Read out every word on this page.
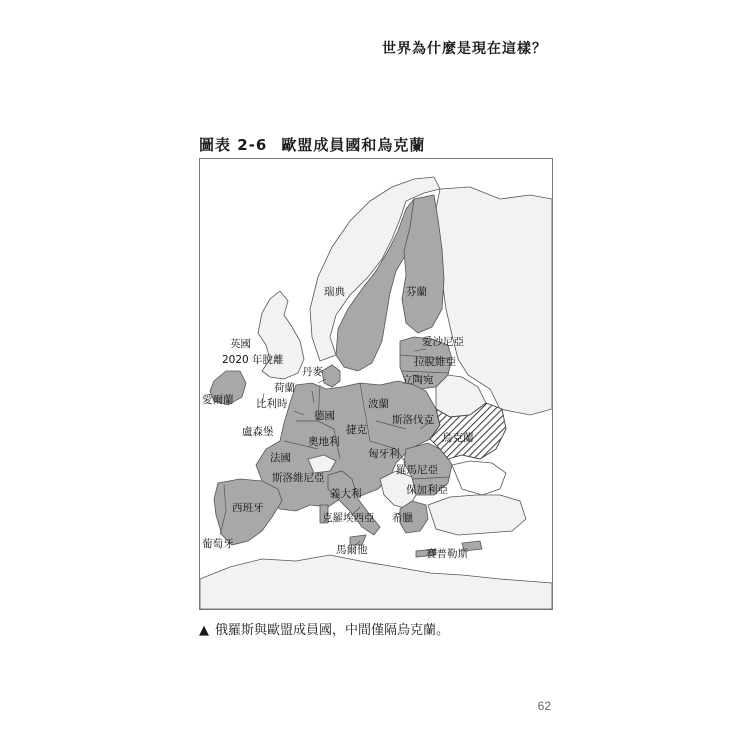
世界為什麼是現在這樣？
圖表 2-6 歐盟成員國和烏克蘭
瑞典	芬蘭
英國
2020 年脫離
愛沙尼亞
拉脫維亞
立陶宛
丹麥
荷蘭
愛爾蘭 比利時
德國
波蘭
斯洛伐克
烏克蘭
盧森堡
奧地利
捷克
匈牙利
法國
羅馬尼亞
斯洛維尼亞
保加利亞
義大利
西班牙
克羅埃西亞 希臘
葡萄牙	馬爾他	賽普勒斯
▲ 俄羅斯與歐盟成員國，中間僅隔烏克蘭。
62
